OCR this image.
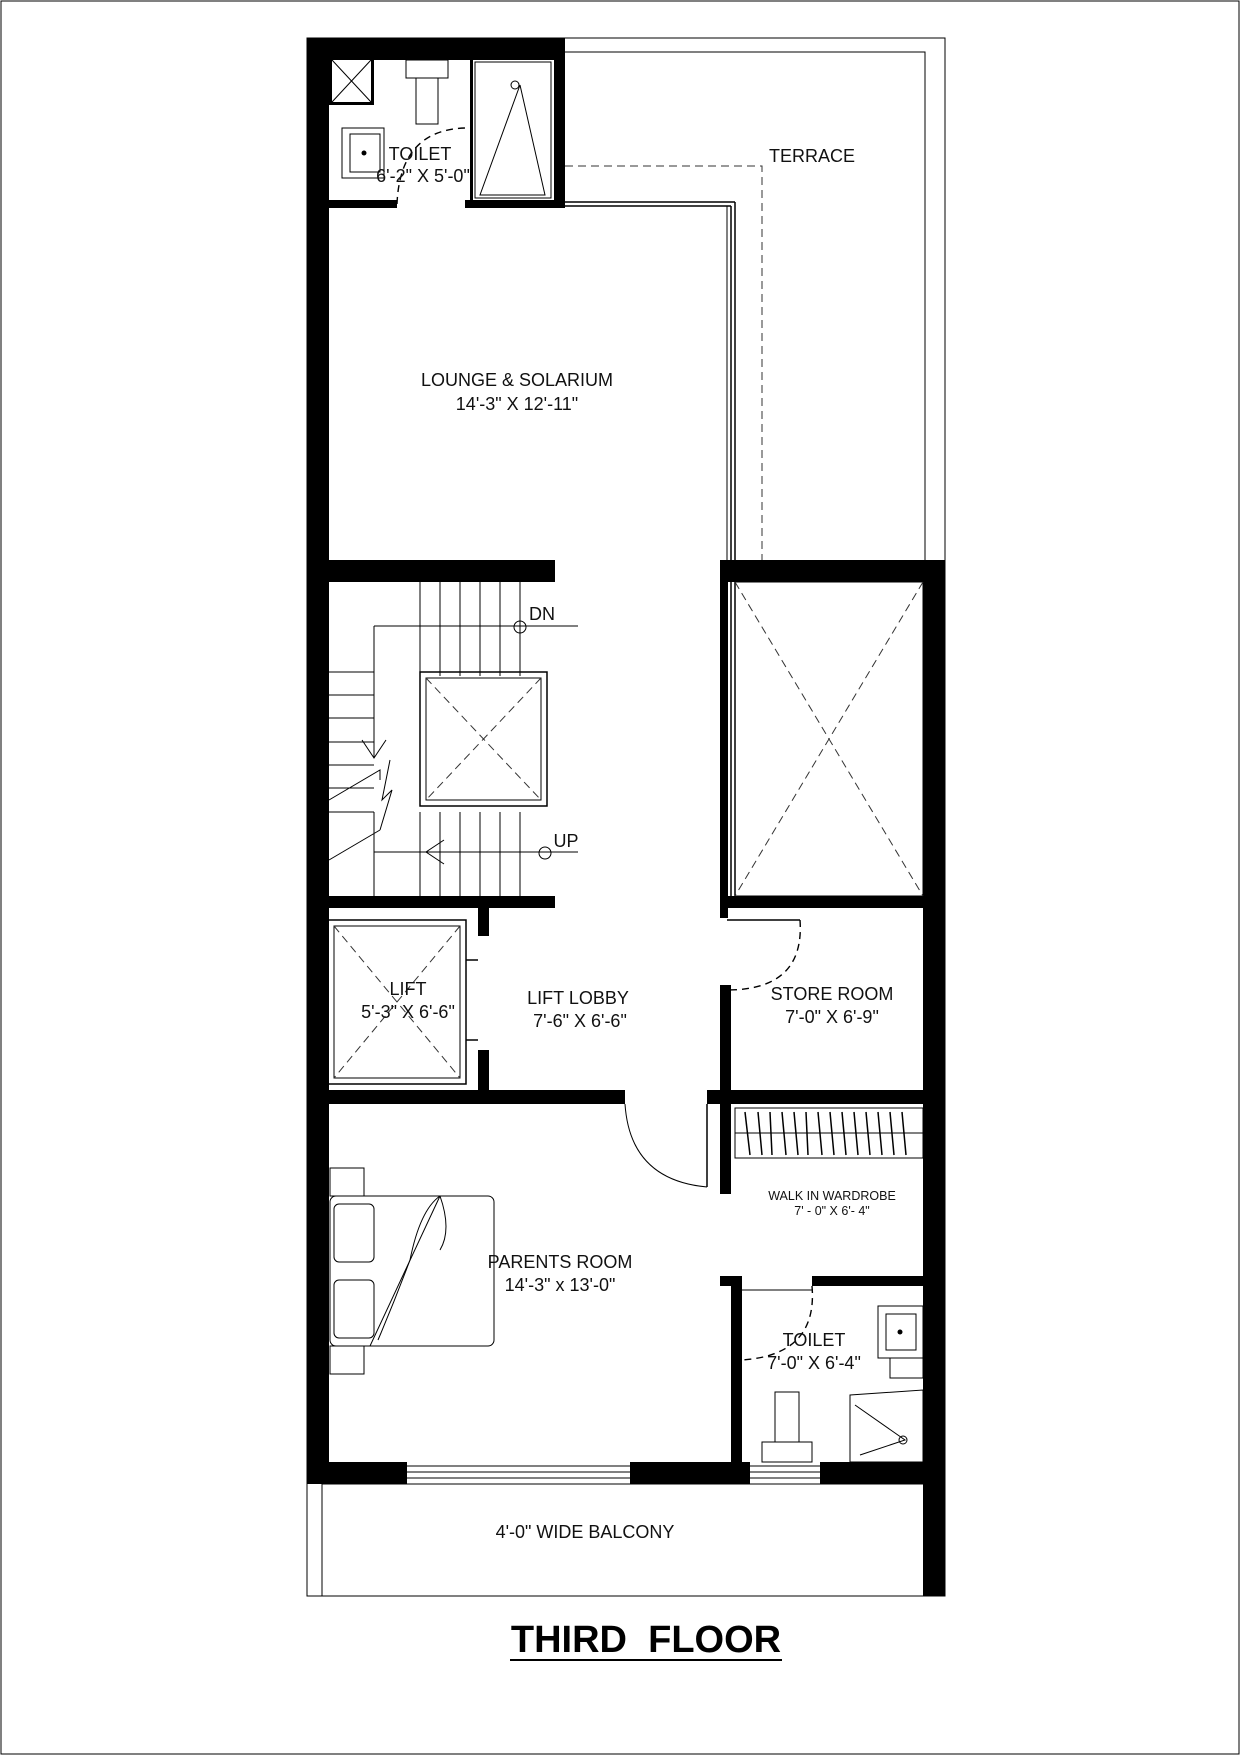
TOILET
6'-2" X 5'-0"
TERRACE
LOUNGE & SOLARIUM
14'-3" X 12'-11"
DN
UP
LIFT
5'-3" X 6'-6"
LIFT LOBBY
7'-6" X 6'-6"
STORE ROOM
7'-0" X 6'-9"
WALK IN WARDROBE
7' - 0" X 6'- 4"
PARENTS ROOM
14'-3" x 13'-0"
TOILET
7'-0" X 6'-4"
4'-0" WIDE BALCONY
THIRD  FLOOR
